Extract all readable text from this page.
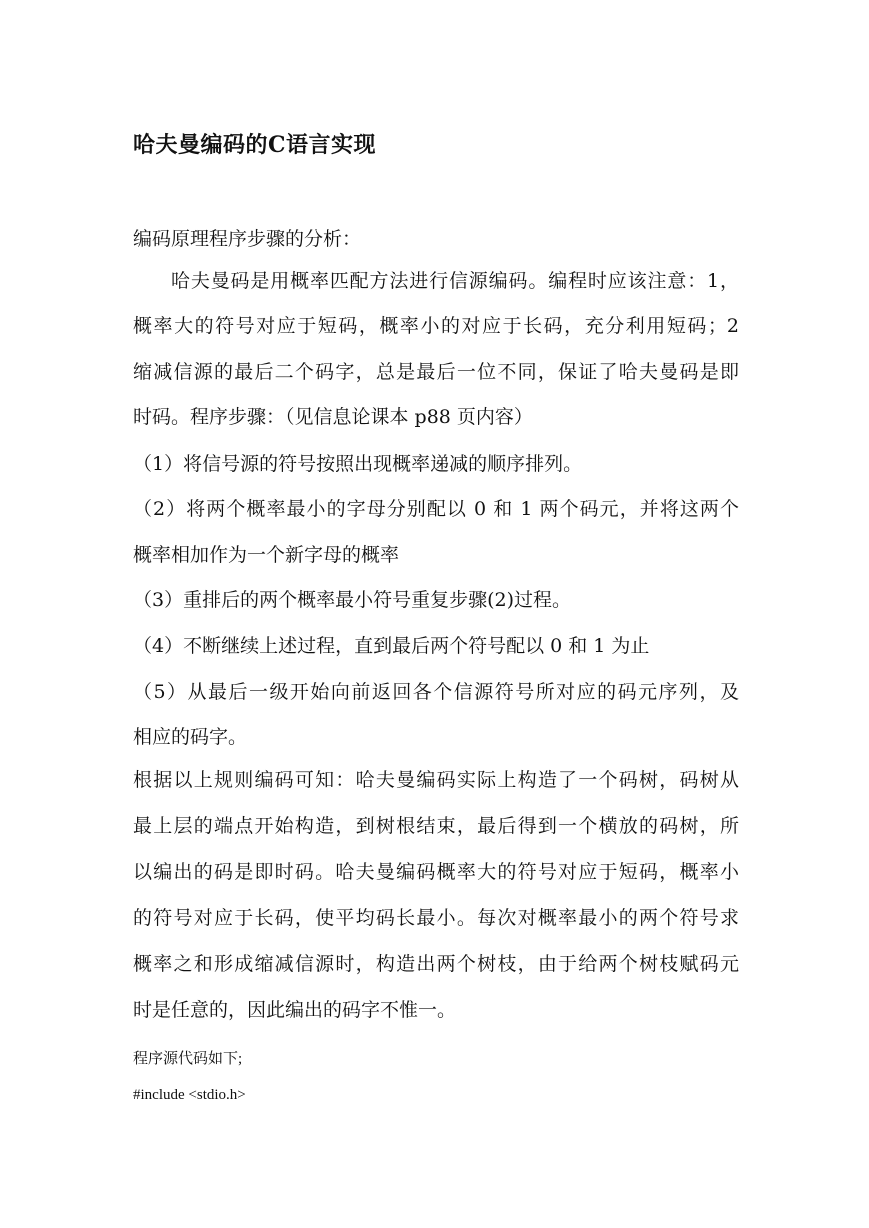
哈夫曼编码的C语言实现
编码原理程序步骤的分析：
哈夫曼码是用概率匹配方法进行信源编码。编程时应该注意：1，
概率大的符号对应于短码，概率小的对应于长码，充分利用短码；2
缩减信源的最后二个码字，总是最后一位不同，保证了哈夫曼码是即
时码。程序步骤：（见信息论课本 p88 页内容）
（1）将信号源的符号按照出现概率递减的顺序排列。
（2）将两个概率最小的字母分别配以 0 和 1 两个码元，并将这两个
概率相加作为一个新字母的概率
（3）重排后的两个概率最小符号重复步骤(2)过程。
（4）不断继续上述过程，直到最后两个符号配以 0 和 1 为止
（5）从最后一级开始向前返回各个信源符号所对应的码元序列，及
相应的码字。
根据以上规则编码可知：哈夫曼编码实际上构造了一个码树，码树从
最上层的端点开始构造，到树根结束，最后得到一个横放的码树，所
以编出的码是即时码。哈夫曼编码概率大的符号对应于短码，概率小
的符号对应于长码，使平均码长最小。每次对概率最小的两个符号求
概率之和形成缩减信源时，构造出两个树枝，由于给两个树枝赋码元
时是任意的，因此编出的码字不惟一。
程序源代码如下;
#include <stdio.h>
